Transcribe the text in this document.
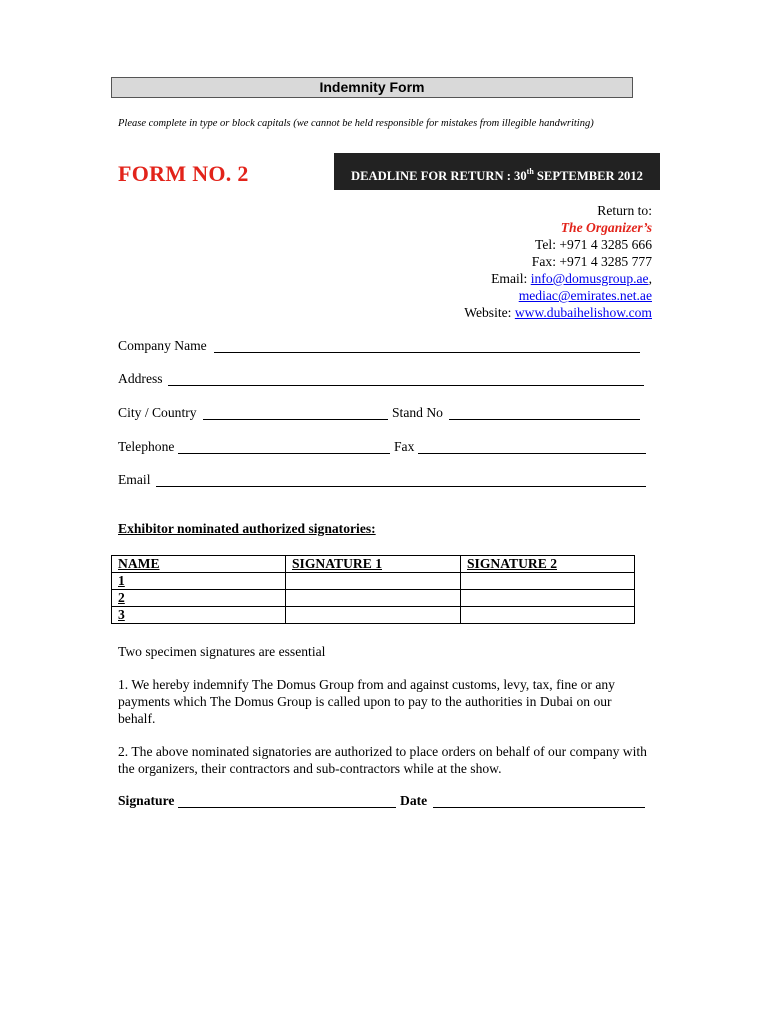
Indemnity Form
Please complete in type or block capitals (we cannot be held responsible for mistakes from illegible handwriting)
FORM NO. 2	DEADLINE FOR RETURN : 30th SEPTEMBER 2012
Return to:
The Organizer’s
Tel: +971 4 3285 666
Fax: +971 4 3285 777
Email: info@domusgroup.ae,
mediac@emirates.net.ae
Website: www.dubaihelishow.com
Company Name
Address
City / Country	Stand No
Telephone	Fax
Email
Exhibitor nominated authorized signatories:
NAME	SIGNATURE 1	SIGNATURE 2
1		
2		
3		
Two specimen signatures are essential
1. We hereby indemnify The Domus Group from and against customs, levy, tax, fine or any payments which The Domus Group is called upon to pay to the authorities in Dubai on our behalf.
2. The above nominated signatories are authorized to place orders on behalf of our company with the organizers, their contractors and sub-contractors while at the show.
Signature	Date
